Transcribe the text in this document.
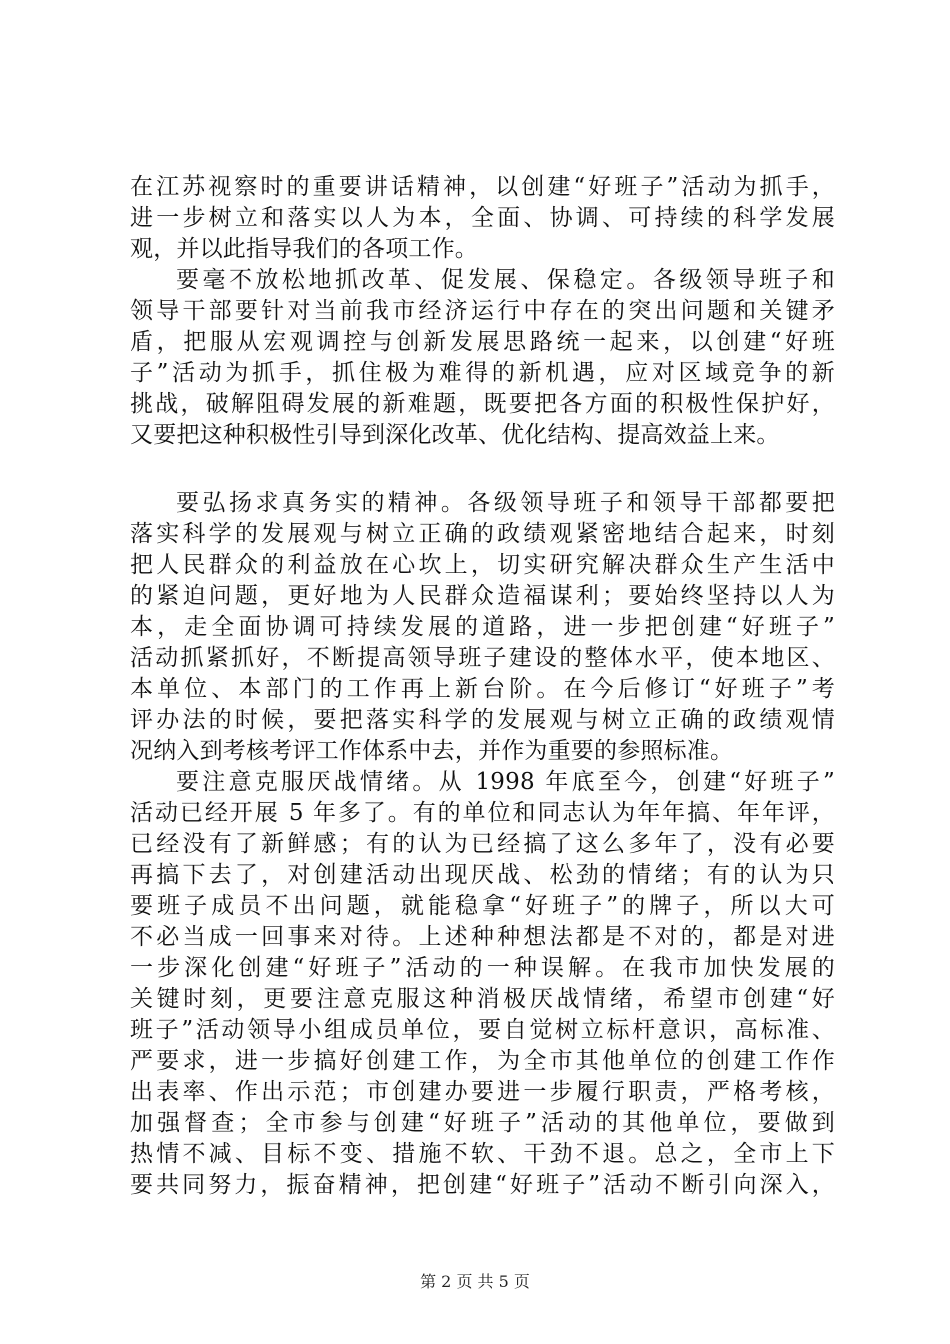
在江苏视察时的重要讲话精神，以创建“好班子”活动为抓手，
进一步树立和落实以人为本，全面、协调、可持续的科学发展
观，并以此指导我们的各项工作。
要毫不放松地抓改革、促发展、保稳定。各级领导班子和
领导干部要针对当前我市经济运行中存在的突出问题和关键矛
盾，把服从宏观调控与创新发展思路统一起来，以创建“好班
子”活动为抓手，抓住极为难得的新机遇，应对区域竞争的新
挑战，破解阻碍发展的新难题，既要把各方面的积极性保护好，
又要把这种积极性引导到深化改革、优化结构、提高效益上来。
要弘扬求真务实的精神。各级领导班子和领导干部都要把
落实科学的发展观与树立正确的政绩观紧密地结合起来，时刻
把人民群众的利益放在心坎上，切实研究解决群众生产生活中
的紧迫问题，更好地为人民群众造福谋利；要始终坚持以人为
本，走全面协调可持续发展的道路，进一步把创建“好班子”
活动抓紧抓好，不断提高领导班子建设的整体水平，使本地区、
本单位、本部门的工作再上新台阶。在今后修订“好班子”考
评办法的时候，要把落实科学的发展观与树立正确的政绩观情
况纳入到考核考评工作体系中去，并作为重要的参照标准。
要注意克服厌战情绪。从 1998 年底至今，创建“好班子”
活动已经开展 5 年多了。有的单位和同志认为年年搞、年年评，
已经没有了新鲜感；有的认为已经搞了这么多年了，没有必要
再搞下去了，对创建活动出现厌战、松劲的情绪；有的认为只
要班子成员不出问题，就能稳拿“好班子”的牌子，所以大可
不必当成一回事来对待。上述种种想法都是不对的，都是对进
一步深化创建“好班子”活动的一种误解。在我市加快发展的
关键时刻，更要注意克服这种消极厌战情绪，希望市创建“好
班子”活动领导小组成员单位，要自觉树立标杆意识，高标准、
严要求，进一步搞好创建工作，为全市其他单位的创建工作作
出表率、作出示范；市创建办要进一步履行职责，严格考核，
加强督查；全市参与创建“好班子”活动的其他单位，要做到
热情不减、目标不变、措施不软、干劲不退。总之，全市上下
要共同努力，振奋精神，把创建“好班子”活动不断引向深入，
第 2 页 共 5 页
